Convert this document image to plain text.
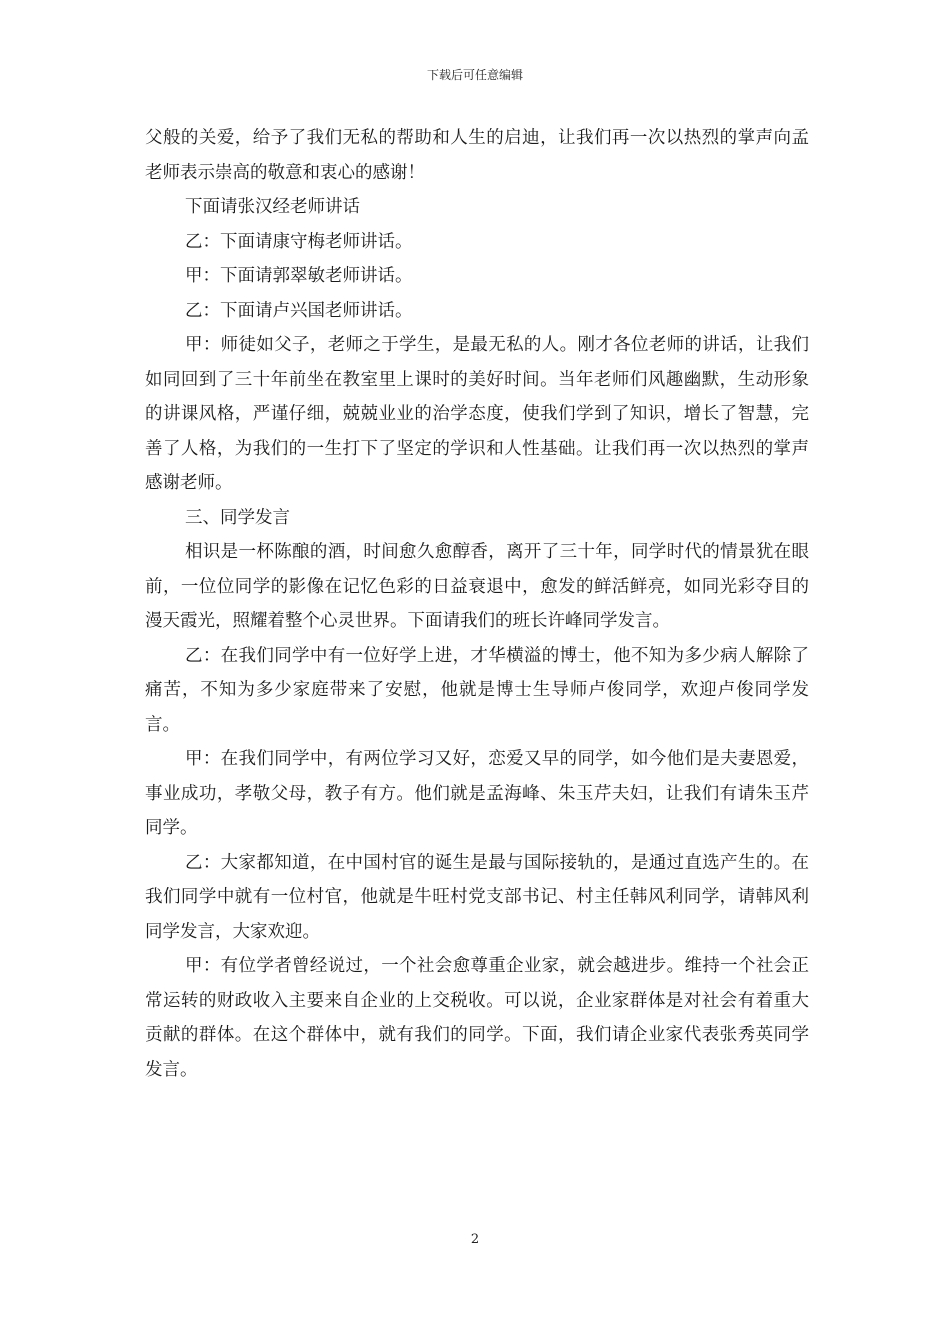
下载后可任意编辑

父般的关爱，给予了我们无私的帮助和人生的启迪，让我们再一次以热烈的掌声向孟老师表示崇高的敬意和衷心的感谢！

下面请张汉经老师讲话

乙：下面请康守梅老师讲话。

甲：下面请郭翠敏老师讲话。

乙：下面请卢兴国老师讲话。

甲：师徒如父子，老师之于学生，是最无私的人。刚才各位老师的讲话，让我们如同回到了三十年前坐在教室里上课时的美好时间。当年老师们风趣幽默，生动形象的讲课风格，严谨仔细，兢兢业业的治学态度，使我们学到了知识，增长了智慧，完善了人格，为我们的一生打下了坚定的学识和人性基础。让我们再一次以热烈的掌声感谢老师。

三、同学发言

相识是一杯陈酿的酒，时间愈久愈醇香，离开了三十年，同学时代的情景犹在眼前，一位位同学的影像在记忆色彩的日益衰退中，愈发的鲜活鲜亮，如同光彩夺目的漫天霞光，照耀着整个心灵世界。下面请我们的班长许峰同学发言。

乙：在我们同学中有一位好学上进，才华横溢的博士，他不知为多少病人解除了痛苦，不知为多少家庭带来了安慰，他就是博士生导师卢俊同学，欢迎卢俊同学发言。

甲：在我们同学中，有两位学习又好，恋爱又早的同学，如今他们是夫妻恩爱，事业成功，孝敬父母，教子有方。他们就是孟海峰、朱玉芹夫妇，让我们有请朱玉芹同学。

乙：大家都知道，在中国村官的诞生是最与国际接轨的，是通过直选产生的。在我们同学中就有一位村官，他就是牛旺村党支部书记、村主任韩风利同学，请韩风利同学发言，大家欢迎。

甲：有位学者曾经说过，一个社会愈尊重企业家，就会越进步。维持一个社会正常运转的财政收入主要来自企业的上交税收。可以说，企业家群体是对社会有着重大贡献的群体。在这个群体中，就有我们的同学。下面，我们请企业家代表张秀英同学发言。

2
